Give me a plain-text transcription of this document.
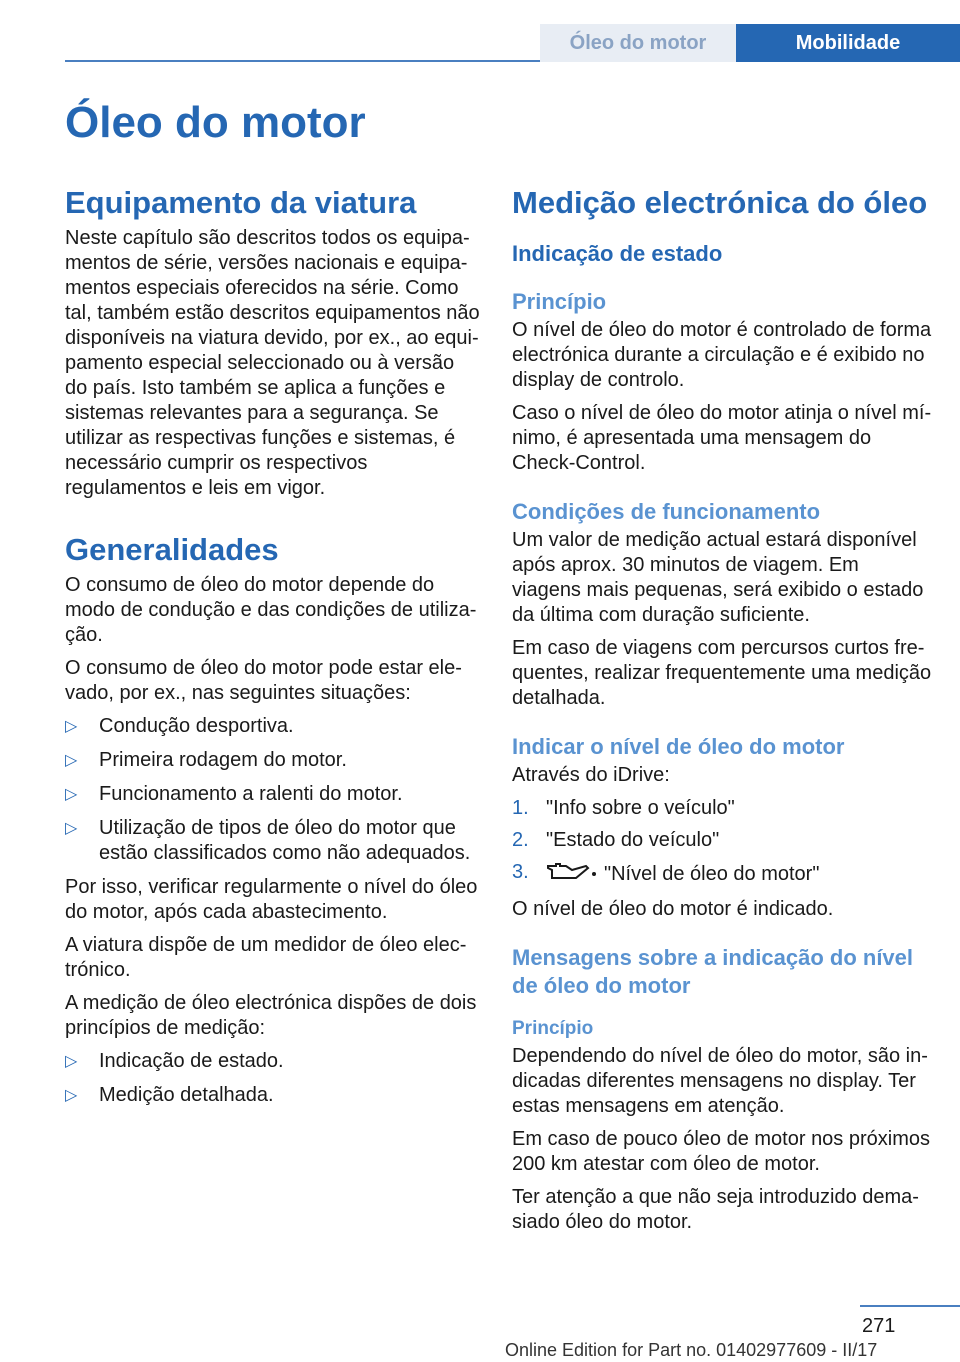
Óleo do motor	Mobilidade
Óleo do motor
Equipamento da viatura

Neste capítulo são descritos todos os equipamentos de série, versões nacionais e equipamentos especiais oferecidos na série. Como tal, também estão descritos equipamentos não disponíveis na viatura devido, por ex., ao equipamento especial seleccionado ou à versão do país. Isto também se aplica a funções e sistemas relevantes para a segurança. Se utilizar as respectivas funções e sistemas, é necessário cumprir os respectivos regulamentos e leis em vigor.

Generalidades

O consumo de óleo do motor depende do modo de condução e das condições de utilização.

O consumo de óleo do motor pode estar elevado, por ex., nas seguintes situações:

▷ Condução desportiva.
▷ Primeira rodagem do motor.
▷ Funcionamento a ralenti do motor.
▷ Utilização de tipos de óleo do motor que estão classificados como não adequados.

Por isso, verificar regularmente o nível do óleo do motor, após cada abastecimento.

A viatura dispõe de um medidor de óleo electrónico.

A medição de óleo electrónica dispões de dois princípios de medição:

▷ Indicação de estado.
▷ Medição detalhada.
Medição electrónica do óleo
Indicação de estado
Princípio

O nível de óleo do motor é controlado de forma electrónica durante a circulação e é exibido no display de controlo.

Caso o nível de óleo do motor atinja o nível mínimo, é apresentada uma mensagem do Check-Control.

Condições de funcionamento

Um valor de medição actual estará disponível após aprox. 30 minutos de viagem. Em viagens mais pequenas, será exibido o estado da última com duração suficiente.

Em caso de viagens com percursos curtos frequentes, realizar frequentemente uma medição detalhada.

Indicar o nível de óleo do motor

Através do iDrive:

1. "Info sobre o veículo"
2. "Estado do veículo"
3.	"Nível de óleo do motor"

O nível de óleo do motor é indicado.

Mensagens sobre a indicação do nível de óleo do motor
Princípio

Dependendo do nível de óleo do motor, são indicadas diferentes mensagens no display. Ter estas mensagens em atenção.

Em caso de pouco óleo de motor nos próximos 200 km atestar com óleo de motor.

Ter atenção a que não seja introduzido demasiado óleo do motor.

271
Online Edition for Part no. 01402977609 - II/17
